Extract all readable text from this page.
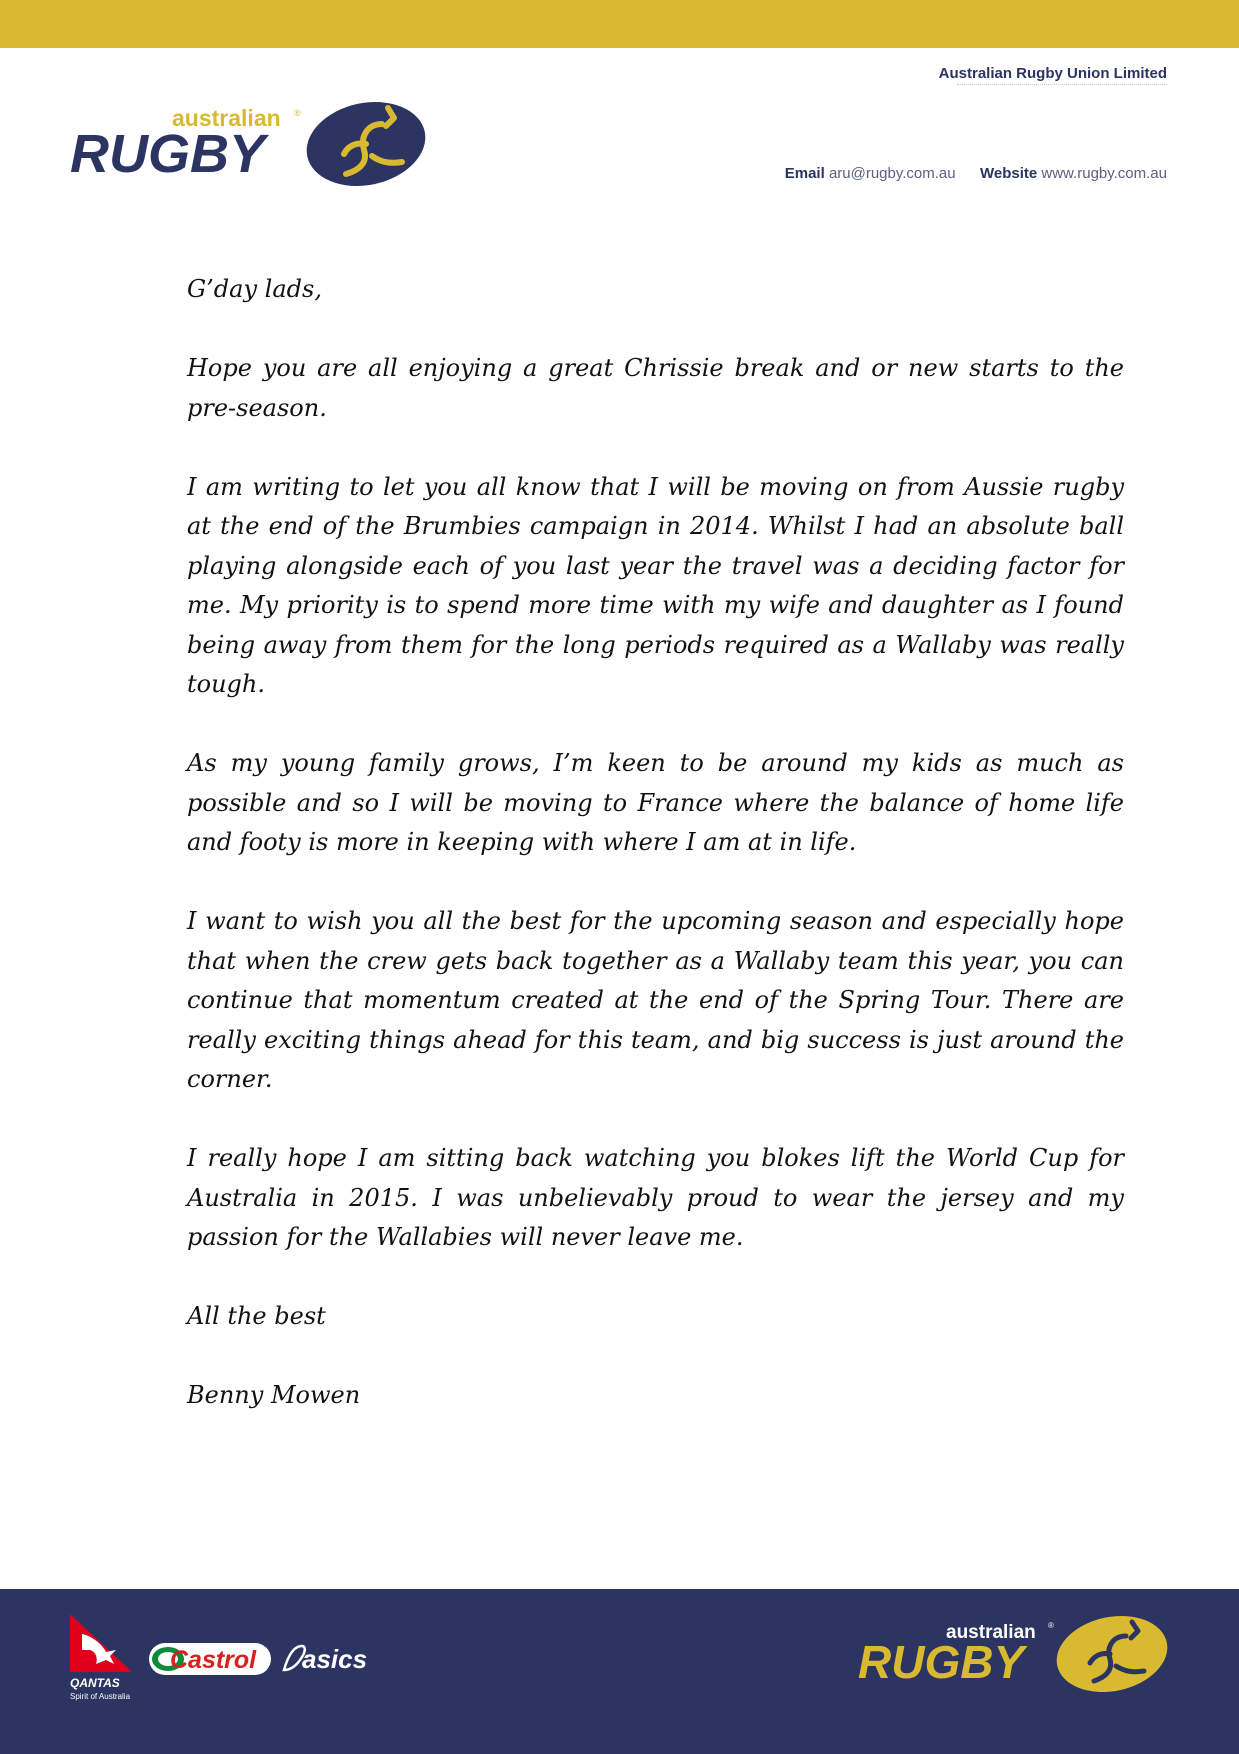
Australian Rugby Union Limited
australian ®
RUGBY	Email aru@rugby.com.au Website www.rugby.com.au

G’day lads,

Hope you are all enjoying a great Chrissie break and or new starts to the pre-season.

I am writing to let you all know that I will be moving on from Aussie rugby at the end of the Brumbies campaign in 2014. Whilst I had an absolute ball playing alongside each of you last year the travel was a deciding factor for me. My priority is to spend more time with my wife and daughter as I found being away from them for the long periods required as a Wallaby was really tough.

As my young family grows, I’m keen to be around my kids as much as possible and so I will be moving to France where the balance of home life and footy is more in keeping with where I am at in life.

I want to wish you all the best for the upcoming season and especially hope that when the crew gets back together as a Wallaby team this year, you can continue that momentum created at the end of the Spring Tour. There are really exciting things ahead for this team, and big success is just around the corner.

I really hope I am sitting back watching you blokes lift the World Cup for Australia in 2015. I was unbelievably proud to wear the jersey and my passion for the Wallabies will never leave me.

All the best

Benny Mowen

QANTAS
Spirit of Australia
Castrol asics
australian ®
RUGBY
